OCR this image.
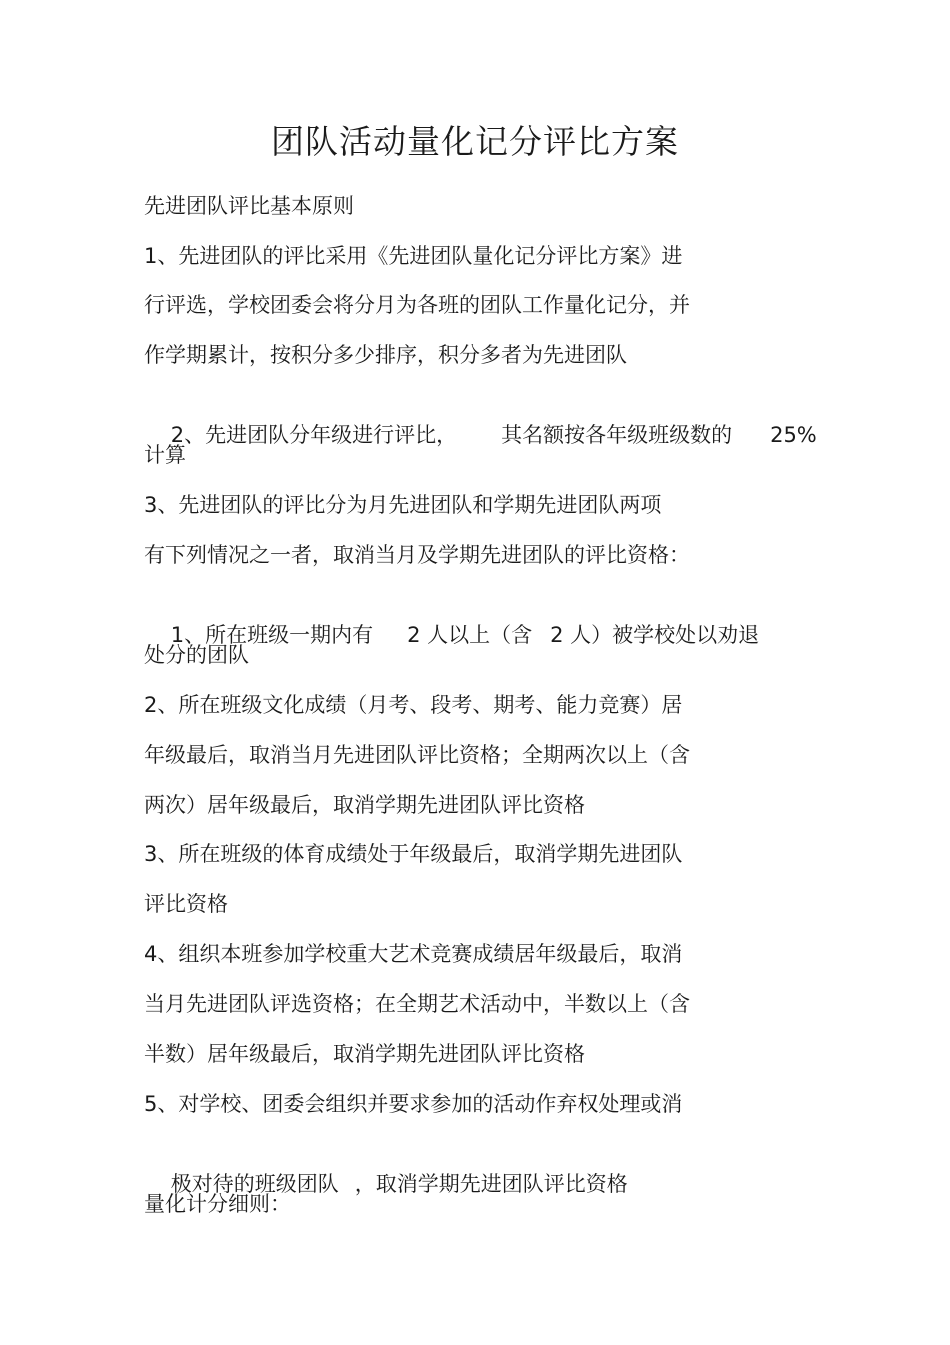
团队活动量化记分评比方案
先进团队评比基本原则
1、先进团队的评比采用《先进团队量化记分评比方案》进
行评选，学校团委会将分月为各班的团队工作量化记分，并
作学期累计，按积分多少排序，积分多者为先进团队

2、先进团队分年级进行评比， 其名额按各年级班级数的 25%

计算
3、先进团队的评比分为月先进团队和学期先进团队两项
有下列情况之一者，取消当月及学期先进团队的评比资格：

1、所在班级一期内有 2 人以上（含 2 人）被学校处以劝退

处分的团队
2、所在班级文化成绩（月考、段考、期考、能力竞赛）居
年级最后，取消当月先进团队评比资格；全期两次以上（含
两次）居年级最后，取消学期先进团队评比资格
3、所在班级的体育成绩处于年级最后，取消学期先进团队
评比资格
4、组织本班参加学校重大艺术竞赛成绩居年级最后，取消
当月先进团队评选资格；在全期艺术活动中，半数以上（含
半数）居年级最后，取消学期先进团队评比资格
5、对学校、团委会组织并要求参加的活动作弃权处理或消

极对待的班级团队 ，取消学期先进团队评比资格

量化计分细则：
